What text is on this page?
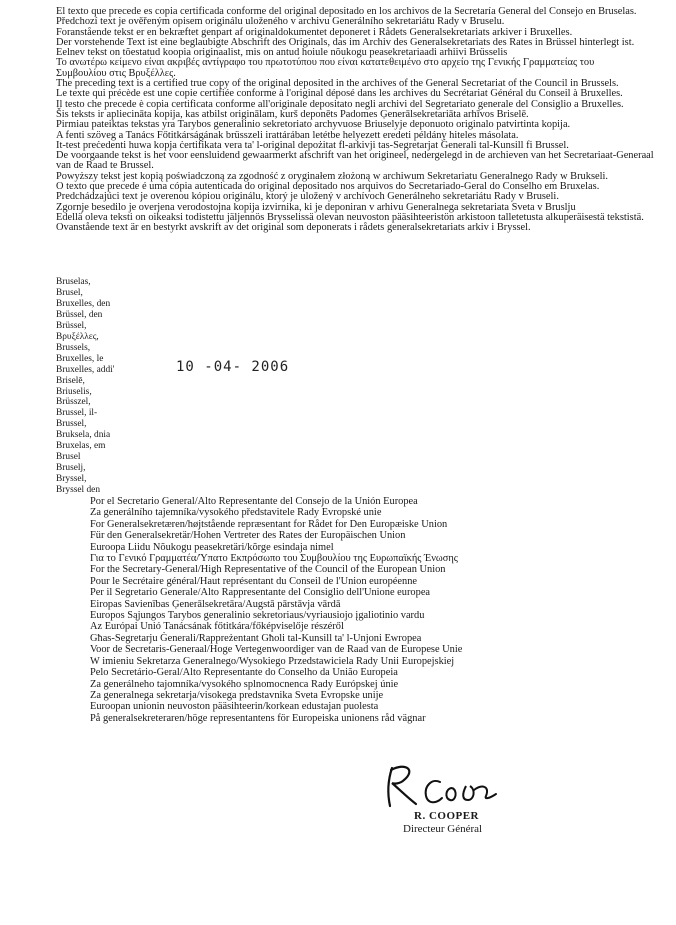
El texto que precede es copia certificada conforme del original depositado en los archivos de la Secretaría General del Consejo en Bruselas.
Předchozí text je ověřeným opisem originálu uloženého v archivu Generálního sekretariátu Rady v Bruselu.
Foranstående tekst er en bekræftet genpart af originaldokumentet deponeret i Rådets Generalsekretariats arkiver i Bruxelles.
Der vorstehende Text ist eine beglaubigte Abschrift des Originals, das im Archiv des Generalsekretariats des Rates in Brüssel hinterlegt ist.
Eelnev tekst on tõestatud koopia originaalist, mis on antud hoiule nõukogu peasekretariaadi arhiivi Brüsselis
Το ανωτέρω κείμενο είναι ακριβές αντίγραφο του πρωτοτύπου που είναι κατατεθειμένο στο αρχείο της Γενικής Γραμματείας του Συμβουλίου στις Βρυξέλλες.
The preceding text is a certified true copy of the original deposited in the archives of the General Secretariat of the Council in Brussels.
Le texte qui précède est une copie certifiée conforme à l'original déposé dans les archives du Secrétariat Général du Conseil à Bruxelles.
Il testo che precede è copia certificata conforme all'originale depositato negli archivi del Segretariato generale del Consiglio a Bruxelles.
Šis teksts ir apliecināta kopija, kas atbilst originālam, kurš deponēts Padomes Ģenerālsekretariāta arhīvos Briselē.
Pirmiau pateiktas tekstas yra Tarybos generalinio sekretoriato archyvuose Briuselyje deponuoto originalo patvirtinta kopija.
A fenti szöveg a Tanács Főtitkárságának brüsszeli irattárában letétbe helyezett eredeti példány hiteles másolata.
It-test preċedenti huwa kopja ċertifikata vera ta' l-original depożitat fl-arkivji tas-Segretarjat Ġenerali tal-Kunsill fi Brussel.
De voorgaande tekst is het voor eensluidend gewaarmerkt afschrift van het origineel, nedergelegd in de archieven van het Secretariaat-Generaal van de Raad te Brussel.
Powyższy tekst jest kopią poświadczoną za zgodność z oryginałem złożoną w archiwum Sekretariatu Generalnego Rady w Brukseli.
O texto que precede é uma cópia autenticada do original depositado nos arquivos do Secretariado-Geral do Conselho em Bruxelas.
Predchádzajúci text je overenou kópiou originálu, ktorý je uložený v archívoch Generálneho sekretariátu Rady v Bruseli.
Zgornje besedilo je overjena verodostojna kopija izvirnika, ki je deponiran v arhivu Generalnega sekretariata Sveta v Bruslju
Edellä oleva teksti on oikeaksi todistettu jäljennös Brysselissä olevan neuvoston pääsihteeristön arkistoon talletetusta alkuperäisestä tekstistä.
Ovanstående text är en bestyrkt avskrift av det original som deponerats i rådets generalsekretariats arkiv i Bryssel.
Bruselas,
Brusel,
Bruxelles, den
Brüssel, den
Brüssel,
Βρυξέλλες,
Brussels,
Bruxelles, le
Bruxelles, addi'
Briselē,
Briuselis,
Brüsszel,
Brussel, il-
Brussel,
Bruksela, dnia
Bruxelas, em
Brusel
Bruselj,
Bryssel,
Bryssel den
10 -04- 2006
Por el Secretario General/Alto Representante del Consejo de la Unión Europea
Za generálního tajemníka/vysokého představitele Rady Evropské unie
For Generalsekretæren/højtstående repræsentant for Rådet for Den Europæiske Union
Für den Generalsekretär/Hohen Vertreter des Rates der Europäischen Union
Euroopa Liidu Nõukogu peasekretäri/kõrge esindaja nimel
Για το Γενικό Γραμματέα/Ύπατο Εκπρόσωπο του Συμβουλίου της Ευρωπαϊκής Ένωσης
For the Secretary-General/High Representative of the Council of the European Union
Pour le Secrétaire général/Haut représentant du Conseil de l'Union européenne
Per il Segretario Generale/Alto Rappresentante del Consiglio dell'Unione europea
Eiropas Savienības Ģenerālsekretāra/Augstā pārstāvja vārdā
Europos Sąjungos Tarybos generalinio sekretoriaus/vyriausiojo įgaliotinio vardu
Az Európai Unió Tanácsának főtitkára/főképviselője részéről
Għas-Segretarju Ġenerali/Rappreżentant Għoli tal-Kunsill ta' l-Unjoni Ewropea
Voor de Secretaris-Generaal/Hoge Vertegenwoordiger van de Raad van de Europese Unie
W imieniu Sekretarza Generalnego/Wysokiego Przedstawiciela Rady Unii Europejskiej
Pelo Secretário-Geral/Alto Representante do Conselho da União Europeia
Za generálneho tajomníka/vysokého splnomocnenca Rady Európskej únie
Za generalnega sekretarja/visokega predstavnika Sveta Evropske unije
Euroopan unionin neuvoston pääsihteerin/korkean edustajan puolesta
På generalsekreteraren/höge representantens för Europeiska unionens råd vägnar
R. COOPER
Directeur Général
